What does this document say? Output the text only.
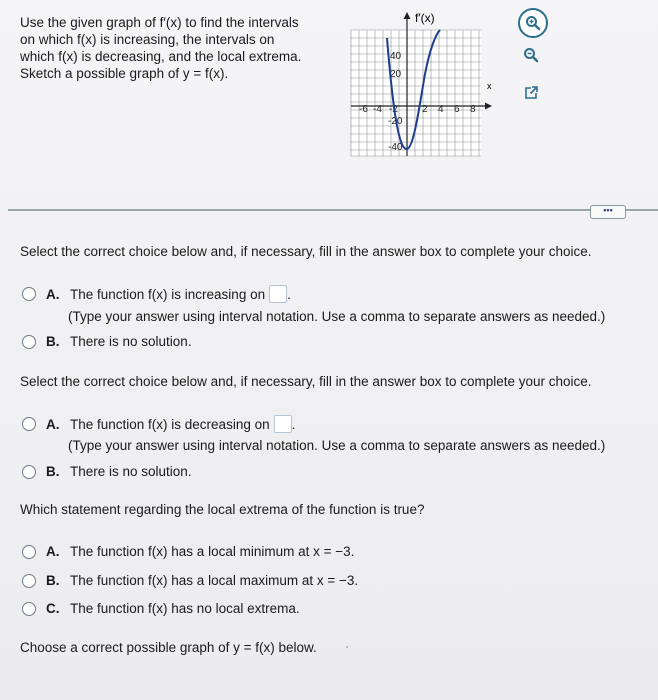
Use the given graph of f′(x) to find the intervals
on which f(x) is increasing, the intervals on
which f(x) is decreasing, and the local extrema.
Sketch a possible graph of y = f(x).
f′(x)
x
40
20
-20
-40
-6 -4 -2 2 4 6 8
•••
Select the correct choice below and, if necessary, fill in the answer box to complete your choice.
A. The function f(x) is increasing on .
(Type your answer using interval notation. Use a comma to separate answers as needed.)
B. There is no solution.
Select the correct choice below and, if necessary, fill in the answer box to complete your choice.
A. The function f(x) is decreasing on .
(Type your answer using interval notation. Use a comma to separate answers as needed.)
B. There is no solution.
Which statement regarding the local extrema of the function is true?
A. The function f(x) has a local minimum at x = −3.
B. The function f(x) has a local maximum at x = −3.
C. The function f(x) has no local extrema.
Choose a correct possible graph of y = f(x) below.
